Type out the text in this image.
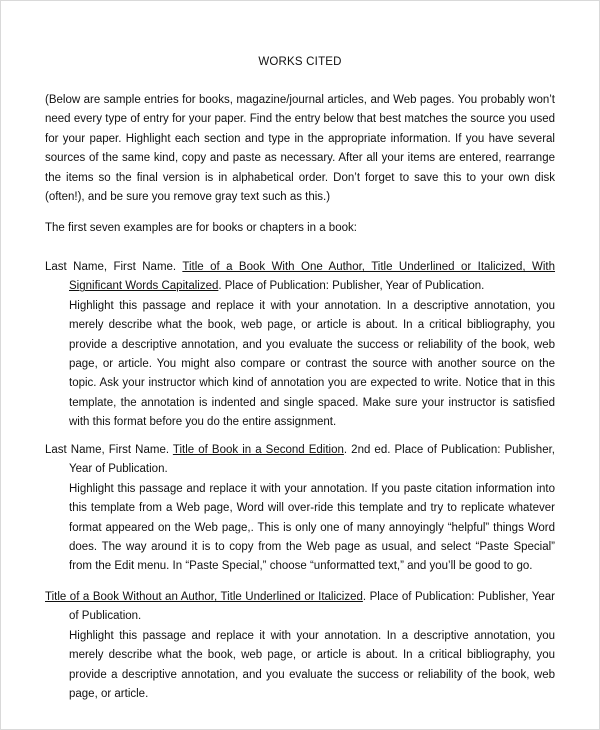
WORKS CITED
(Below are sample entries for books, magazine/journal articles, and Web pages. You probably won’t need every type of entry for your paper. Find the entry below that best matches the source you used for your paper. Highlight each section and type in the appropriate information. If you have several sources of the same kind, copy and paste as necessary. After all your items are entered, rearrange the items so the final version is in alphabetical order. Don’t forget to save this to your own disk (often!), and be sure you remove gray text such as this.)
The first seven examples are for books or chapters in a book:
Last Name, First Name. Title of a Book With One Author, Title Underlined or Italicized, With Significant Words Capitalized. Place of Publication: Publisher, Year of Publication.
Highlight this passage and replace it with your annotation. In a descriptive annotation, you merely describe what the book, web page, or article is about. In a critical bibliography, you provide a descriptive annotation, and you evaluate the success or reliability of the book, web page, or article. You might also compare or contrast the source with another source on the topic. Ask your instructor which kind of annotation you are expected to write. Notice that in this template, the annotation is indented and single spaced. Make sure your instructor is satisfied with this format before you do the entire assignment.
Last Name, First Name. Title of Book in a Second Edition. 2nd ed. Place of Publication: Publisher, Year of Publication.
Highlight this passage and replace it with your annotation. If you paste citation information into this template from a Web page, Word will over-ride this template and try to replicate whatever format appeared on the Web page,. This is only one of many annoyingly “helpful” things Word does. The way around it is to copy from the Web page as usual, and select “Paste Special” from the Edit menu. In “Paste Special,” choose “unformatted text,” and you’ll be good to go.
Title of a Book Without an Author, Title Underlined or Italicized. Place of Publication: Publisher, Year of Publication.
Highlight this passage and replace it with your annotation. In a descriptive annotation, you merely describe what the book, web page, or article is about. In a critical bibliography, you provide a descriptive annotation, and you evaluate the success or reliability of the book, web page, or article.
